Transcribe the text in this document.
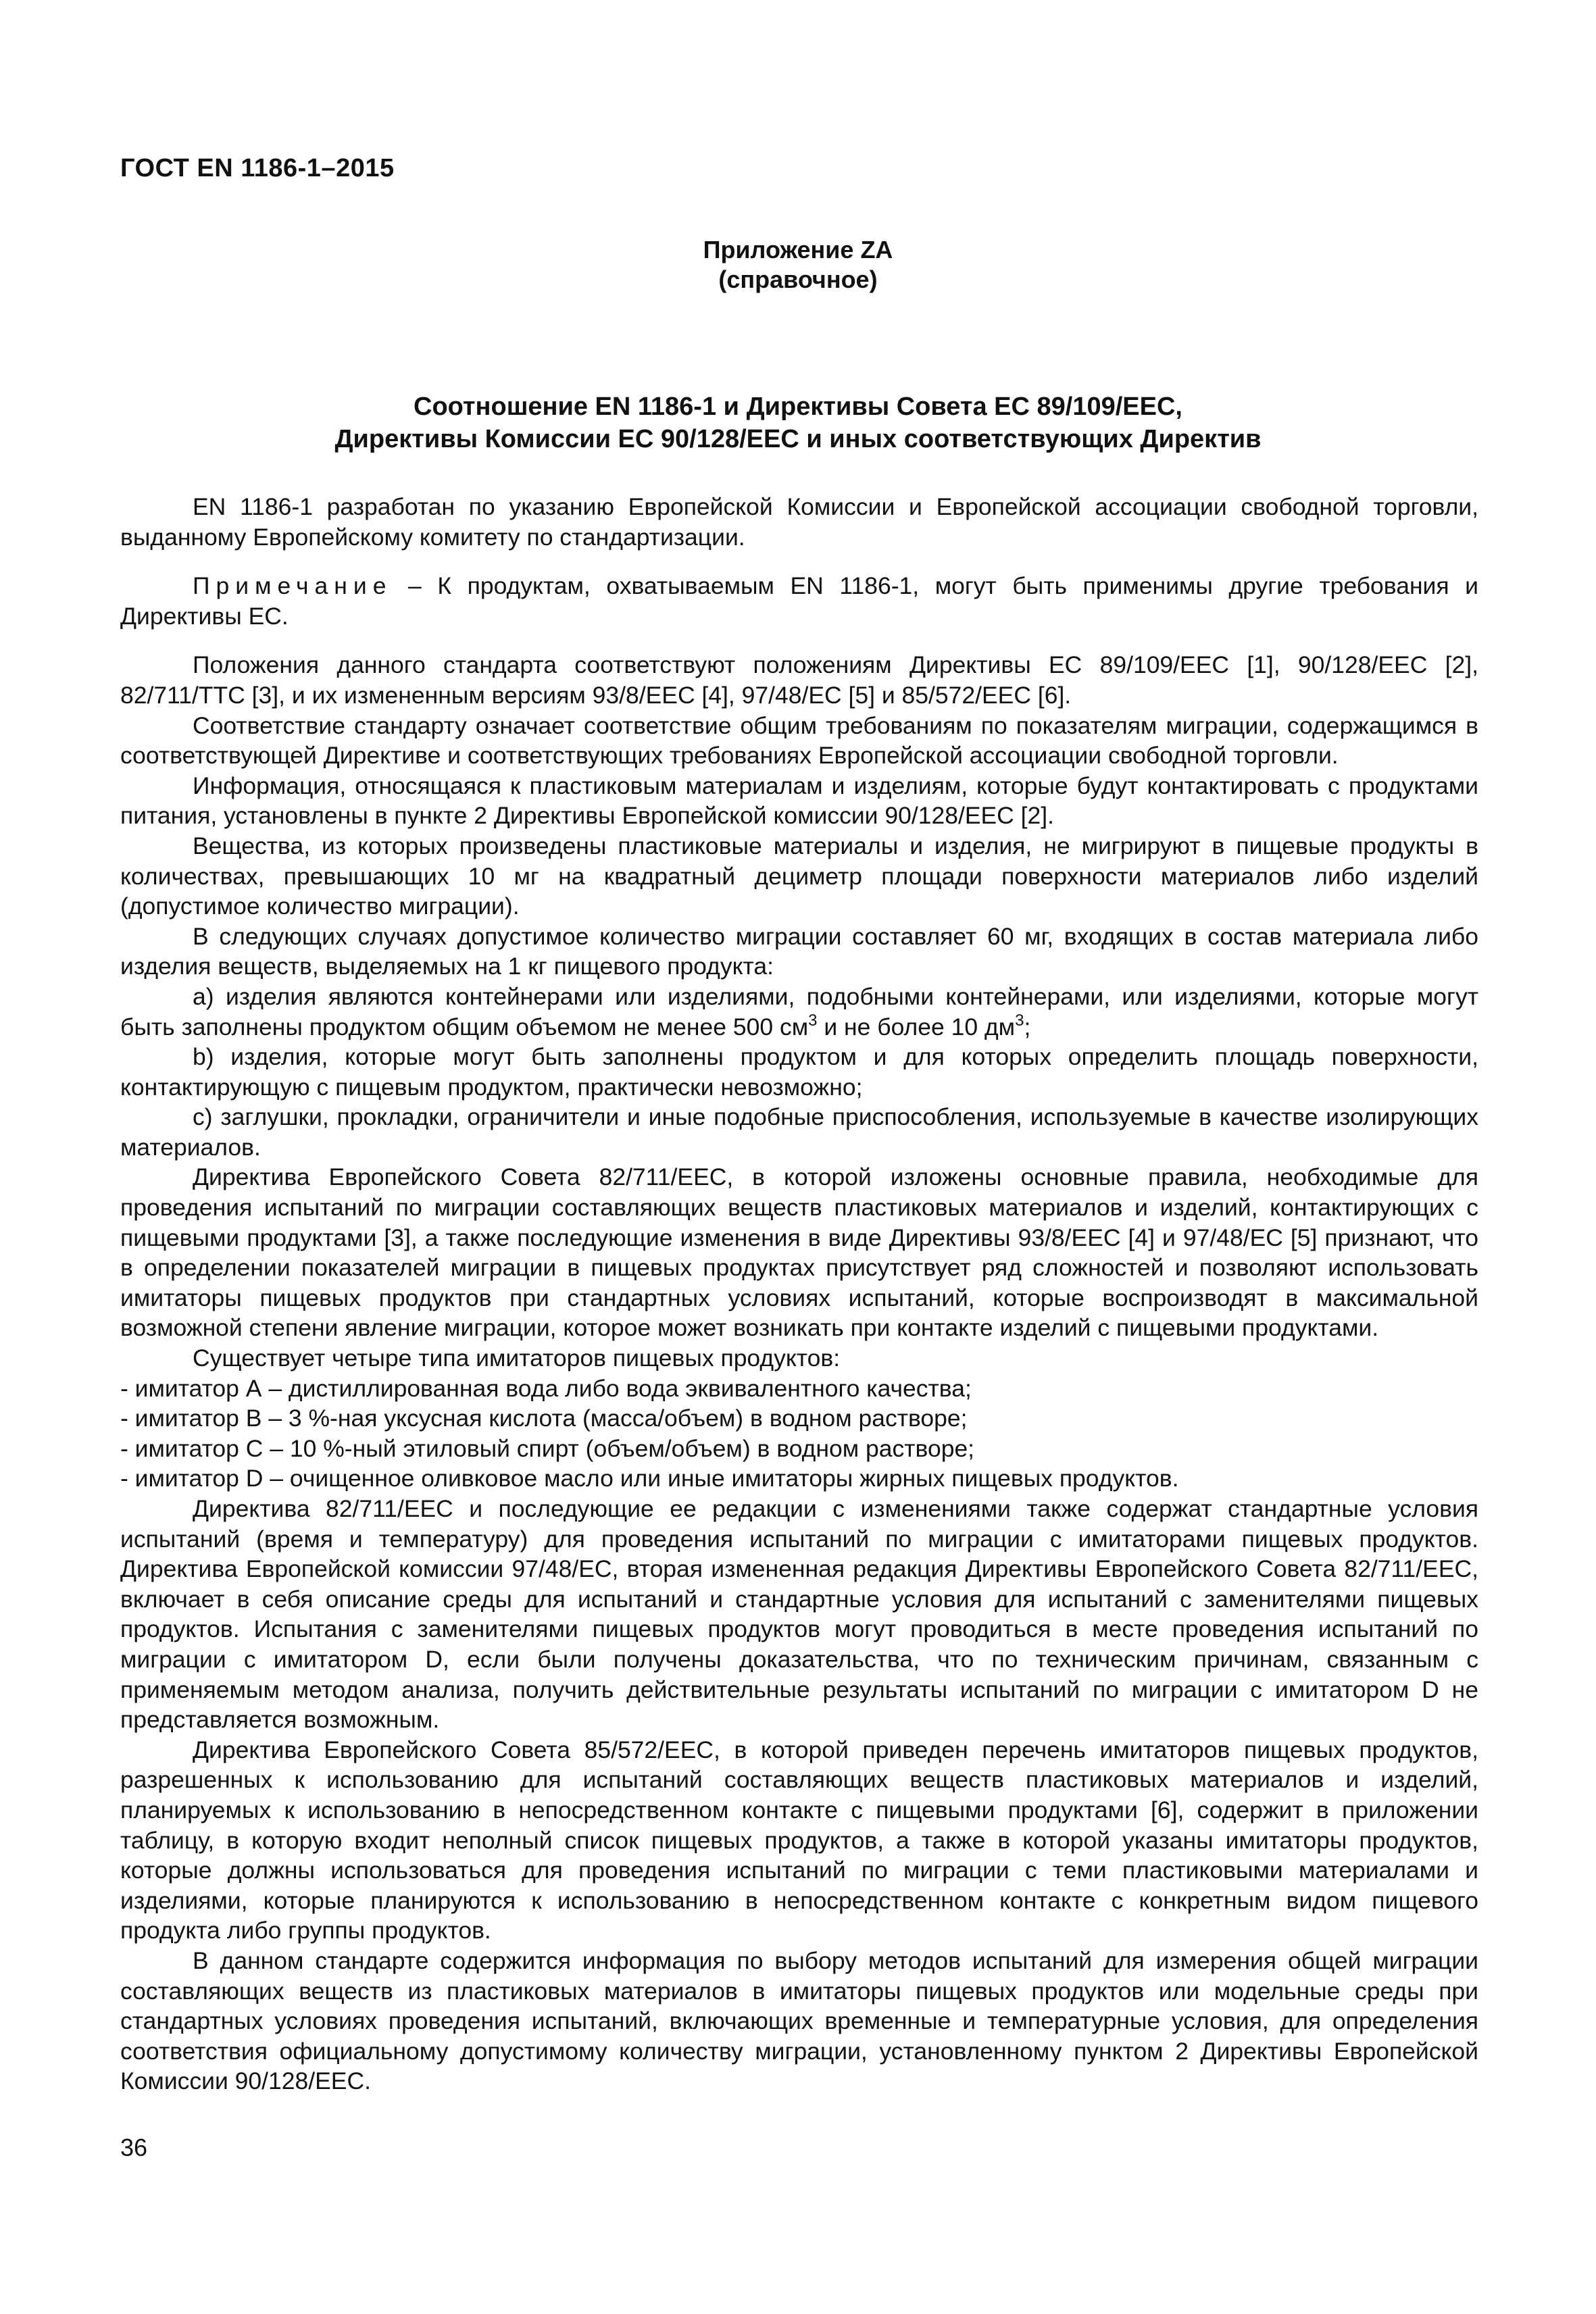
ГОСТ EN 1186-1–2015
Приложение ZA
(справочное)
Соотношение EN 1186-1 и Директивы Совета ЕС 89/109/EEC,
Директивы Комиссии ЕС 90/128/EEC и иных соответствующих Директив

EN 1186-1 разработан по указанию Европейской Комиссии и Европейской ассоциации свободной торговли, выданному Европейскому комитету по стандартизации.

Примечание – К продуктам, охватываемым EN 1186-1, могут быть применимы другие требования и Директивы ЕС.

Положения данного стандарта соответствуют положениям Директивы ЕС 89/109/EEC [1], 90/128/EEC [2], 82/711/TTC [3], и их измененным версиям 93/8/EEC [4], 97/48/EC [5] и 85/572/EEC [6].

Соответствие стандарту означает соответствие общим требованиям по показателям миграции, содержащимся в соответствующей Директиве и соответствующих требованиях Европейской ассоциации свободной торговли.

Информация, относящаяся к пластиковым материалам и изделиям, которые будут контактировать с продуктами питания, установлены в пункте 2 Директивы Европейской комиссии 90/128/EEC [2].

Вещества, из которых произведены пластиковые материалы и изделия, не мигрируют в пищевые продукты в количествах, превышающих 10 мг на квадратный дециметр площади поверхности материалов либо изделий (допустимое количество миграции).

В следующих случаях допустимое количество миграции составляет 60 мг, входящих в состав материала либо изделия веществ, выделяемых на 1 кг пищевого продукта:

а) изделия являются контейнерами или изделиями, подобными контейнерами, или изделиями, которые могут быть заполнены продуктом общим объемом не менее 500 $см^3$ и не более 10 $дм^3$;

b) изделия, которые могут быть заполнены продуктом и для которых определить площадь поверхности, контактирующую с пищевым продуктом, практически невозможно;

с) заглушки, прокладки, ограничители и иные подобные приспособления, используемые в качестве изолирующих материалов.

Директива Европейского Совета 82/711/EEC, в которой изложены основные правила, необходимые для проведения испытаний по миграции составляющих веществ пластиковых материалов и изделий, контактирующих с пищевыми продуктами [3], а также последующие изменения в виде Директивы 93/8/EEC [4] и 97/48/EC [5] признают, что в определении показателей миграции в пищевых продуктах присутствует ряд сложностей и позволяют использовать имитаторы пищевых продуктов при стандартных условиях испытаний, которые воспроизводят в максимальной возможной степени явление миграции, которое может возникать при контакте изделий с пищевыми продуктами.

Существует четыре типа имитаторов пищевых продуктов:

- имитатор А – дистиллированная вода либо вода эквивалентного качества;

- имитатор В – 3 %-ная уксусная кислота (масса/объем) в водном растворе;

- имитатор С – 10 %-ный этиловый спирт (объем/объем) в водном растворе;

- имитатор D – очищенное оливковое масло или иные имитаторы жирных пищевых продуктов.

Директива 82/711/EEC и последующие ее редакции с изменениями также содержат стандартные условия испытаний (время и температуру) для проведения испытаний по миграции с имитаторами пищевых продуктов. Директива Европейской комиссии 97/48/EC, вторая измененная редакция Директивы Европейского Совета 82/711/EEC, включает в себя описание среды для испытаний и стандартные условия для испытаний с заменителями пищевых продуктов. Испытания с заменителями пищевых продуктов могут проводиться в месте проведения испытаний по миграции с имитатором D, если были получены доказательства, что по техническим причинам, связанным с применяемым методом анализа, получить действительные результаты испытаний по миграции с имитатором D не представляется возможным.

Директива Европейского Совета 85/572/EEC, в которой приведен перечень имитаторов пищевых продуктов, разрешенных к использованию для испытаний составляющих веществ пластиковых материалов и изделий, планируемых к использованию в непосредственном контакте с пищевыми продуктами [6], содержит в приложении таблицу, в которую входит неполный список пищевых продуктов, а также в которой указаны имитаторы продуктов, которые должны использоваться для проведения испытаний по миграции с теми пластиковыми материалами и изделиями, которые планируются к использованию в непосредственном контакте с конкретным видом пищевого продукта либо группы продуктов.

В данном стандарте содержится информация по выбору методов испытаний для измерения общей миграции составляющих веществ из пластиковых материалов в имитаторы пищевых продуктов или модельные среды при стандартных условиях проведения испытаний, включающих временные и температурные условия, для определения соответствия официальному допустимому количеству миграции, установленному пунктом 2 Директивы Европейской Комиссии 90/128/EEC.

36
